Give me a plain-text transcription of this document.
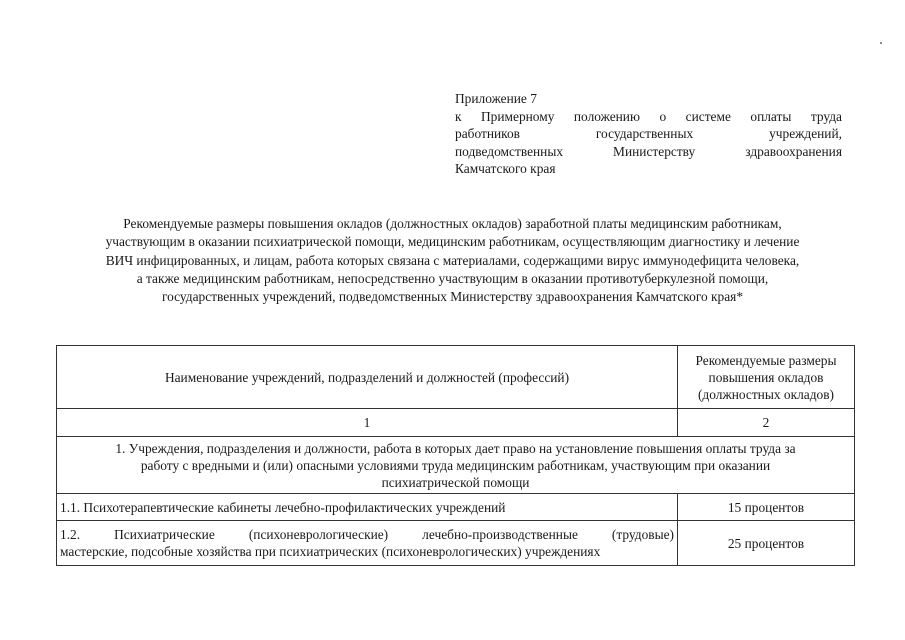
Приложение 7
к Примерному положению о системе оплаты труда
работников государственных учреждений,
подведомственных Министерству здравоохранения
Камчатского края
Рекомендуемые размеры повышения окладов (должностных окладов) заработной платы медицинским работникам,
участвующим в оказании психиатрической помощи, медицинским работникам, осуществляющим диагностику и лечение
ВИЧ инфицированных, и лицам, работа которых связана с материалами, содержащими вирус иммунодефицита человека,
а также медицинским работникам, непосредственно участвующим в оказании противотуберкулезной помощи,
государственных учреждений, подведомственных Министерству здравоохранения Камчатского края*
Наименование учреждений, подразделений и должностей (профессий)	Рекомендуемые размеры
повышения окладов
(должностных окладов)

1	2

1. Учреждения, подразделения и должности, работа в которых дает право на установление повышения оплаты труда за
работу с вредными и (или) опасными условиями труда медицинским работникам, участвующим при оказании
психиатрической помощи	

1.1. Психотерапевтические кабинеты лечебно-профилактических учреждений	15 процентов

1.2. Психиатрические (психоневрологические) лечебно-производственные (трудовые)
мастерские, подсобные хозяйства при психиатрических (психоневрологических) учреждениях	25 процентов
